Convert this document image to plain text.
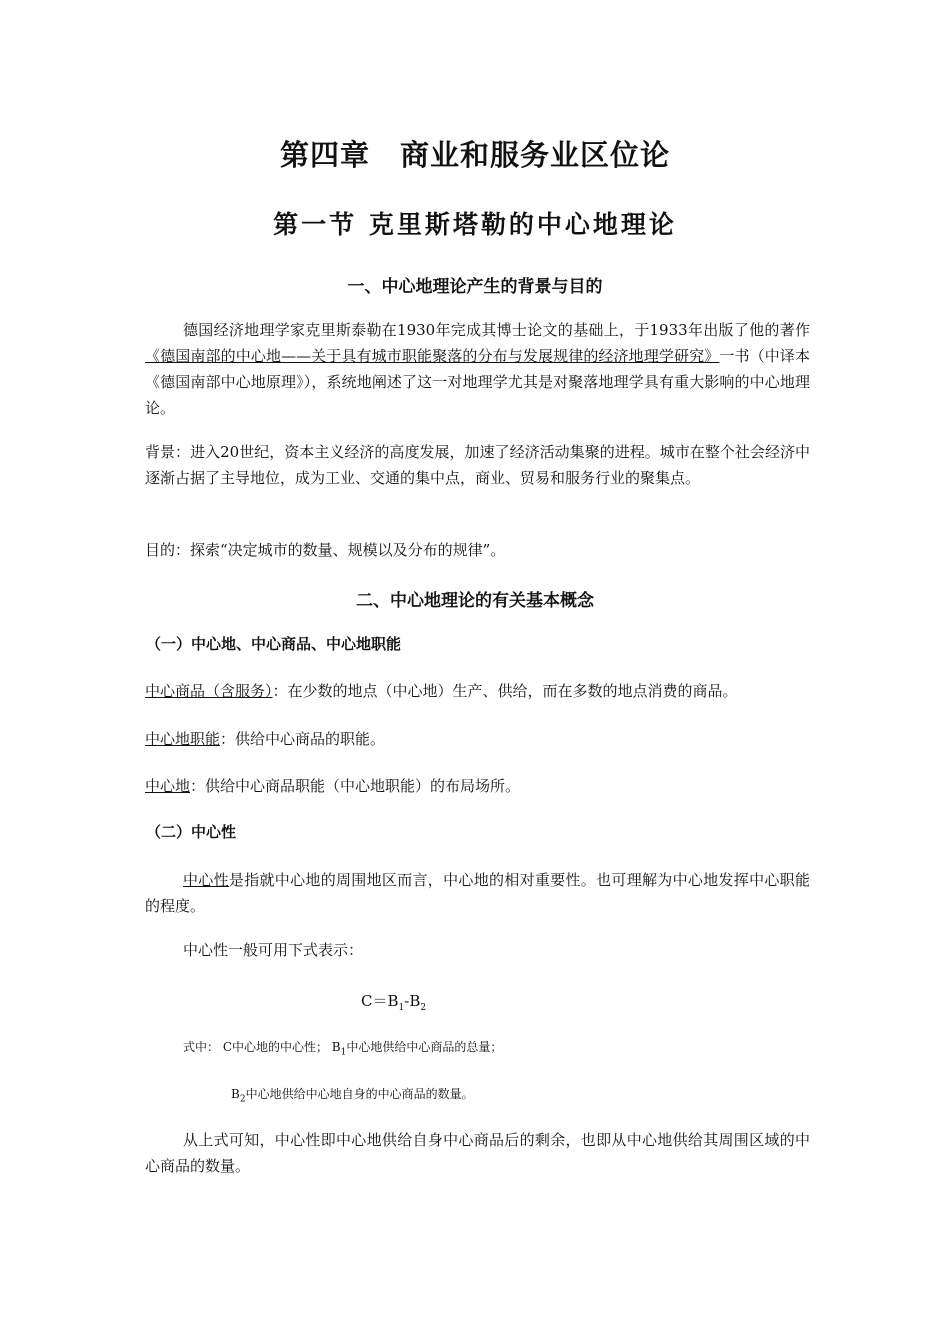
第四章　商业和服务业区位论
第一节 克里斯塔勒的中心地理论
一、中心地理论产生的背景与目的
德国经济地理学家克里斯泰勒在1930年完成其博士论文的基础上，于1933年出版了他的著作《德国南部的中心地——关于具有城市职能聚落的分布与发展规律的经济地理学研究》一书（中译本《德国南部中心地原理》），系统地阐述了这一对地理学尤其是对聚落地理学具有重大影响的中心地理论。
背景：进入20世纪，资本主义经济的高度发展，加速了经济活动集聚的进程。城市在整个社会经济中逐渐占据了主导地位，成为工业、交通的集中点，商业、贸易和服务行业的聚集点。
目的：探索“决定城市的数量、规模以及分布的规律”。
二、中心地理论的有关基本概念
（一）中心地、中心商品、中心地职能
中心商品（含服务）：在少数的地点（中心地）生产、供给，而在多数的地点消费的商品。
中心地职能：供给中心商品的职能。
中心地：供给中心商品职能（中心地职能）的布局场所。
（二）中心性
中心性是指就中心地的周围地区而言，中心地的相对重要性。也可理解为中心地发挥中心职能的程度。
中心性一般可用下式表示：
$C=B_1-B_2$
式中： C中心地的中心性； $B_1$中心地供给中心商品的总量；
$B_2$中心地供给中心地自身的中心商品的数量。
从上式可知，中心性即中心地供给自身中心商品后的剩余，也即从中心地供给其周围区域的中心商品的数量。
